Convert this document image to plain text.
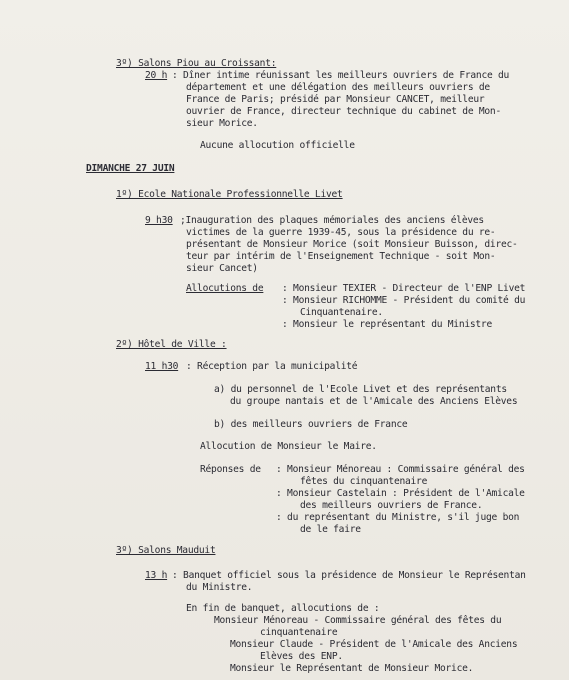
3º) Salons Piou au Croissant:
20 h : Dîner intime réunissant les meilleurs ouvriers de France du
département et une délégation des meilleurs ouvriers de
France de Paris; présidé par Monsieur CANCET, meilleur
ouvrier de France, directeur technique du cabinet de Mon-
sieur Morice.
Aucune allocution officielle
DIMANCHE 27 JUIN
1º) Ecole Nationale Professionnelle Livet
9 h30 ;Inauguration des plaques mémoriales des anciens élèves
victimes de la guerre 1939-45, sous la présidence du re-
présentant de Monsieur Morice (soit Monsieur Buisson, direc-
teur par intérim de l'Enseignement Technique - soit Mon-
sieur Cancet)
Allocutions de : Monsieur TEXIER - Directeur de l'ENP Livet
: Monsieur RICHOMME - Président du comité du
Cinquantenaire.
: Monsieur le représentant du Ministre
2º) Hôtel de Ville :
11 h30 : Réception par la municipalité
a) du personnel de l'Ecole Livet et des représentants
du groupe nantais et de l'Amicale des Anciens Elèves
b) des meilleurs ouvriers de France
Allocution de Monsieur le Maire.
Réponses de : Monsieur Ménoreau : Commissaire général des
fêtes du cinquantenaire
: Monsieur Castelain : Président de l'Amicale
des meilleurs ouvriers de France.
: du représentant du Ministre, s'il juge bon
de le faire
3º) Salons Mauduit
13 h : Banquet officiel sous la présidence de Monsieur le Représentan
du Ministre.
En fin de banquet, allocutions de :
Monsieur Ménoreau - Commissaire général des fêtes du
cinquantenaire
Monsieur Claude - Président de l'Amicale des Anciens
Elèves des ENP.
Monsieur le Représentant de Monsieur Morice.
